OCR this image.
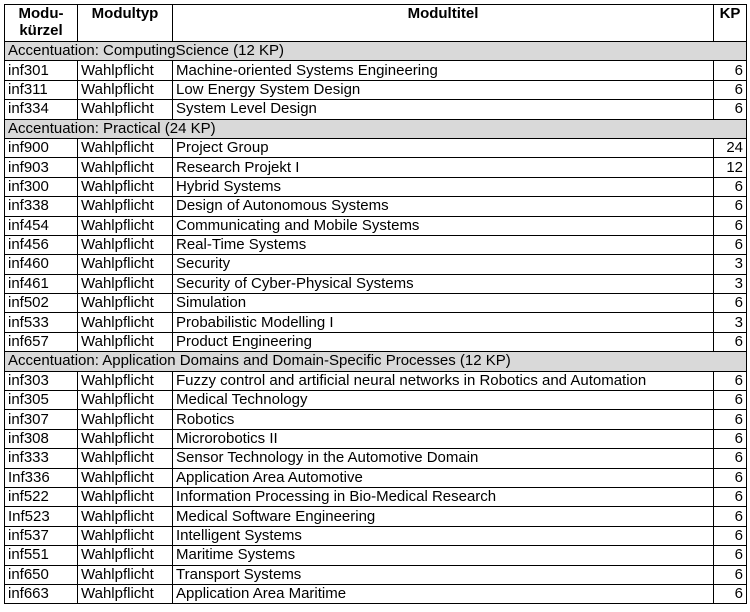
Modu-
kürzel	Modultyp	Modultitel	KP
Accentuation: ComputingScience (12 KP)			
inf301	Wahlpflicht	Machine-oriented Systems Engineering	6
inf311	Wahlpflicht	Low Energy System Design	6
inf334	Wahlpflicht	System Level Design	6
Accentuation: Practical (24 KP)			
inf900	Wahlpflicht	Project Group	24
inf903	Wahlpflicht	Research Projekt I	12
inf300	Wahlpflicht	Hybrid Systems	6
inf338	Wahlpflicht	Design of Autonomous Systems	6
inf454	Wahlpflicht	Communicating and Mobile Systems	6
inf456	Wahlpflicht	Real-Time Systems	6
inf460	Wahlpflicht	Security	3
inf461	Wahlpflicht	Security of Cyber-Physical Systems	3
inf502	Wahlpflicht	Simulation	6
inf533	Wahlpflicht	Probabilistic Modelling I	3
inf657	Wahlpflicht	Product Engineering	6
Accentuation: Application Domains and Domain-Specific Processes (12 KP)			
inf303	Wahlpflicht	Fuzzy control and artificial neural networks in Robotics and Automation	6
inf305	Wahlpflicht	Medical Technology	6
inf307	Wahlpflicht	Robotics	6
inf308	Wahlpflicht	Microrobotics II	6
inf333	Wahlpflicht	Sensor Technology in the Automotive Domain	6
Inf336	Wahlpflicht	Application Area Automotive	6
inf522	Wahlpflicht	Information Processing in Bio-Medical Research	6
Inf523	Wahlpflicht	Medical Software Engineering	6
inf537	Wahlpflicht	Intelligent Systems	6
inf551	Wahlpflicht	Maritime Systems	6
inf650	Wahlpflicht	Transport Systems	6
inf663	Wahlpflicht	Application Area Maritime	6
